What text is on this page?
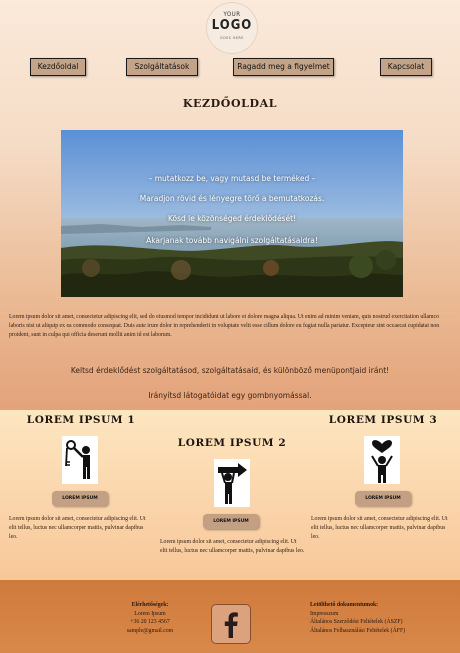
YOUR
LOGO
GOES HERE
Kezdőoldal	Szolgáltatások	Ragadd meg a figyelmet	Kapcsolat
KEZDŐOLDAL
– mutatkozz be, vagy mutasd be terméked –
Maradjon rövid és lényegre törő a bemutatkozás.
Kösd le közönséged érdeklődését!
Akarjanak tovább navigálni szolgáltatásaidra!
Lorem ipsum dolor sit amet, consectetur adipiscing elit, sed do eiusmod tempor incididunt ut labore et dolore magna aliqua. Ut enim ad minim veniam, quis nostrud exercitation ullamco laboris nisi ut aliquip ex ea commodo consequat. Duis aute irure dolor in reprehenderit in voluptate velit esse cillum dolore eu fugiat nulla pariatur. Excepteur sint occaecat cupidatat non proident, sunt in culpa qui officia deserunt mollit anim id est laborum.
Keltsd érdeklődést szolgáltatásod, szolgáltatásaid, és különböző menüpontjaid iránt!
Irányítsd látogatóidat egy gombnyomással.
LOREM IPSUM 1
LOREM IPSUM
Lorem ipsum dolor sit amet, consectetur adipiscing elit. Ut elit tellus, luctus nec ullamcorper mattis, pulvinar dapibus leo.
LOREM IPSUM 2
LOREM IPSUM
Lorem ipsum dolor sit amet, consectetur adipiscing elit. Ut elit tellus, luctus nec ullamcorper mattis, pulvinar dapibus leo.
LOREM IPSUM 3
LOREM IPSUM
Lorem ipsum dolor sit amet, consectetur adipiscing elit. Ut elit tellus, luctus nec ullamcorper mattis, pulvinar dapibus leo.
Elérhetőségek:
Lorem Ipsum
+36 20 123 4567
sample@gmail.com
Letölthető dokumentumok:
Impresszum
Általános Szerződési Feltételek (ÁSZF)
Általános Felhasználási Feltételek (ÁFF)
